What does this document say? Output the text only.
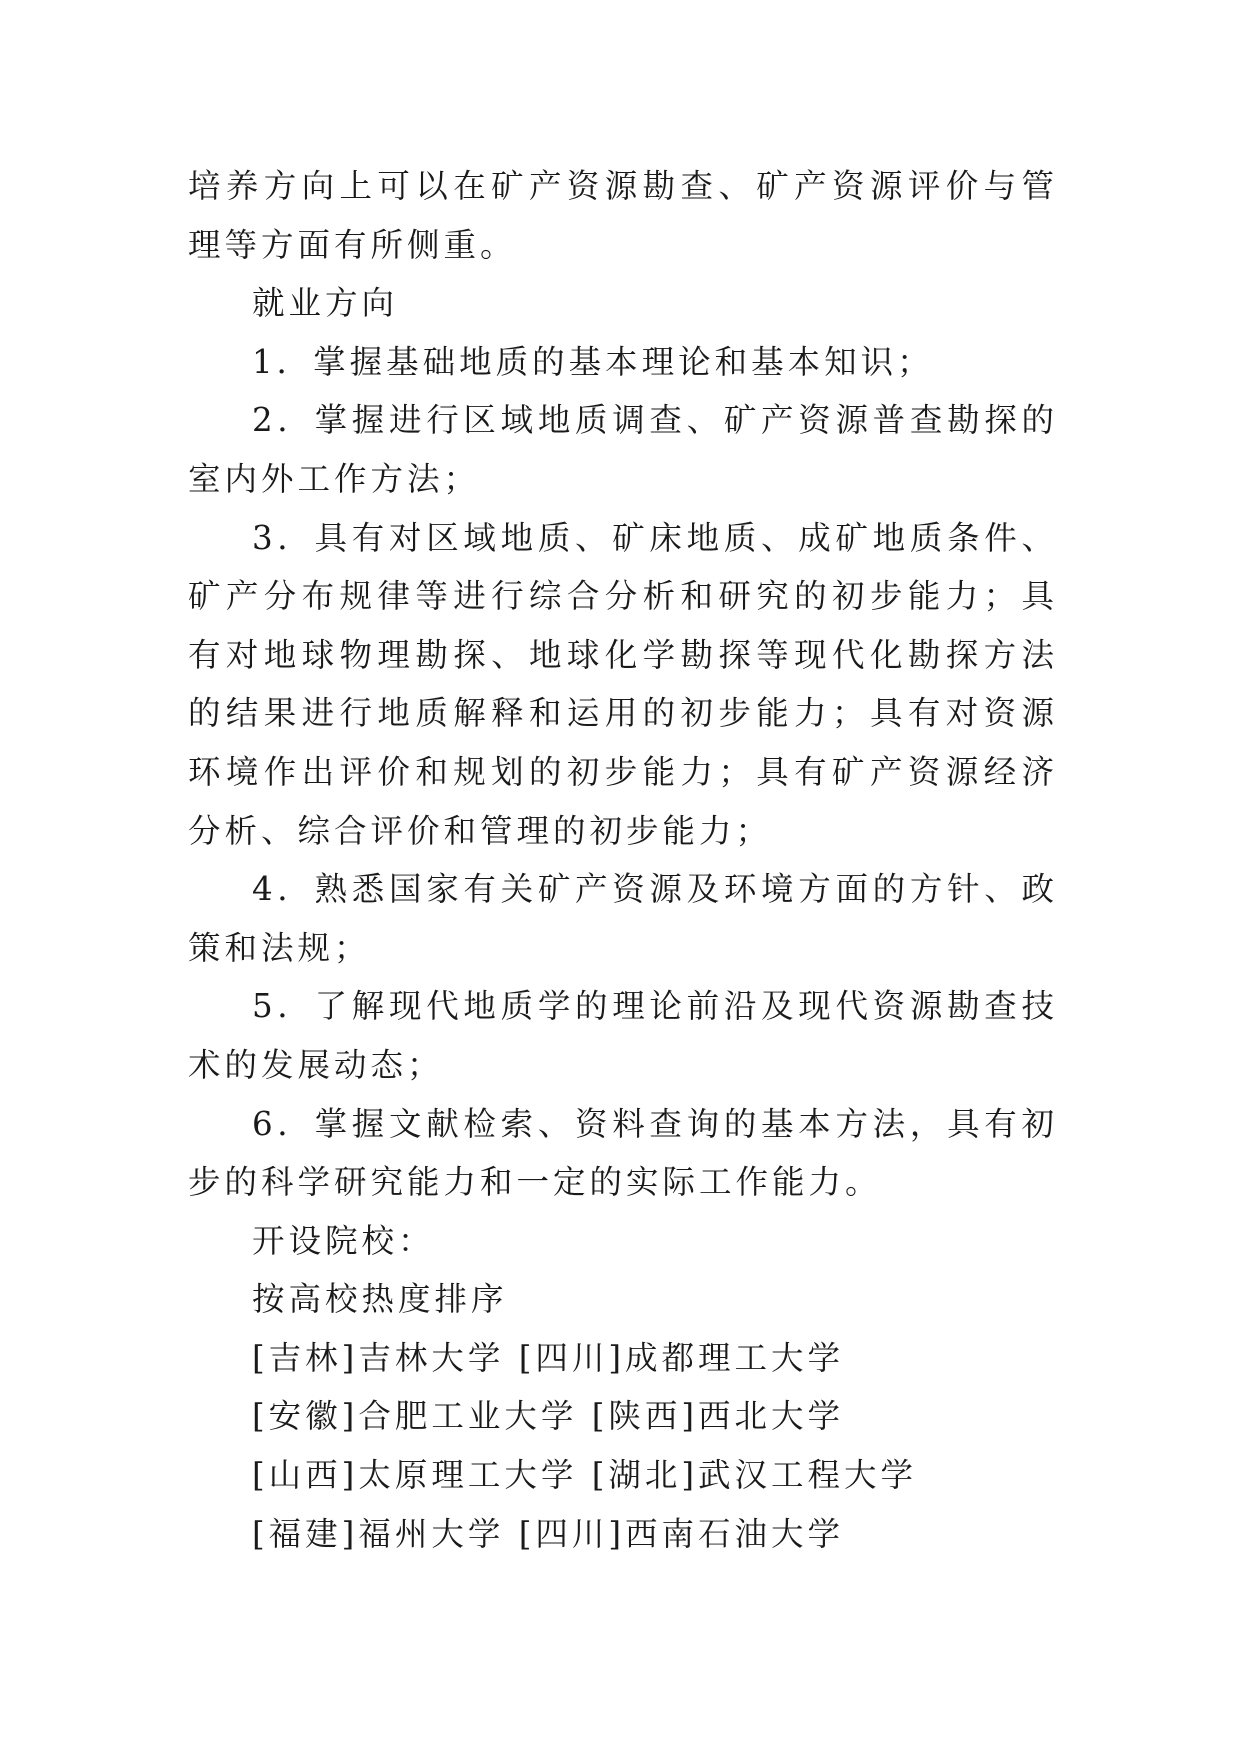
培养方向上可以在矿产资源勘查、矿产资源评价与管理等方面有所侧重。

就业方向

1．掌握基础地质的基本理论和基本知识；

2．掌握进行区域地质调查、矿产资源普查勘探的室内外工作方法；

3．具有对区域地质、矿床地质、成矿地质条件、矿产分布规律等进行综合分析和研究的初步能力；具有对地球物理勘探、地球化学勘探等现代化勘探方法的结果进行地质解释和运用的初步能力；具有对资源环境作出评价和规划的初步能力；具有矿产资源经济分析、综合评价和管理的初步能力；

4．熟悉国家有关矿产资源及环境方面的方针、政策和法规；

5．了解现代地质学的理论前沿及现代资源勘查技术的发展动态；

6．掌握文献检索、资料查询的基本方法，具有初步的科学研究能力和一定的实际工作能力。

开设院校：

按高校热度排序

[吉林]吉林大学 [四川]成都理工大学
[安徽]合肥工业大学 [陕西]西北大学
[山西]太原理工大学 [湖北]武汉工程大学
[福建]福州大学 [四川]西南石油大学
